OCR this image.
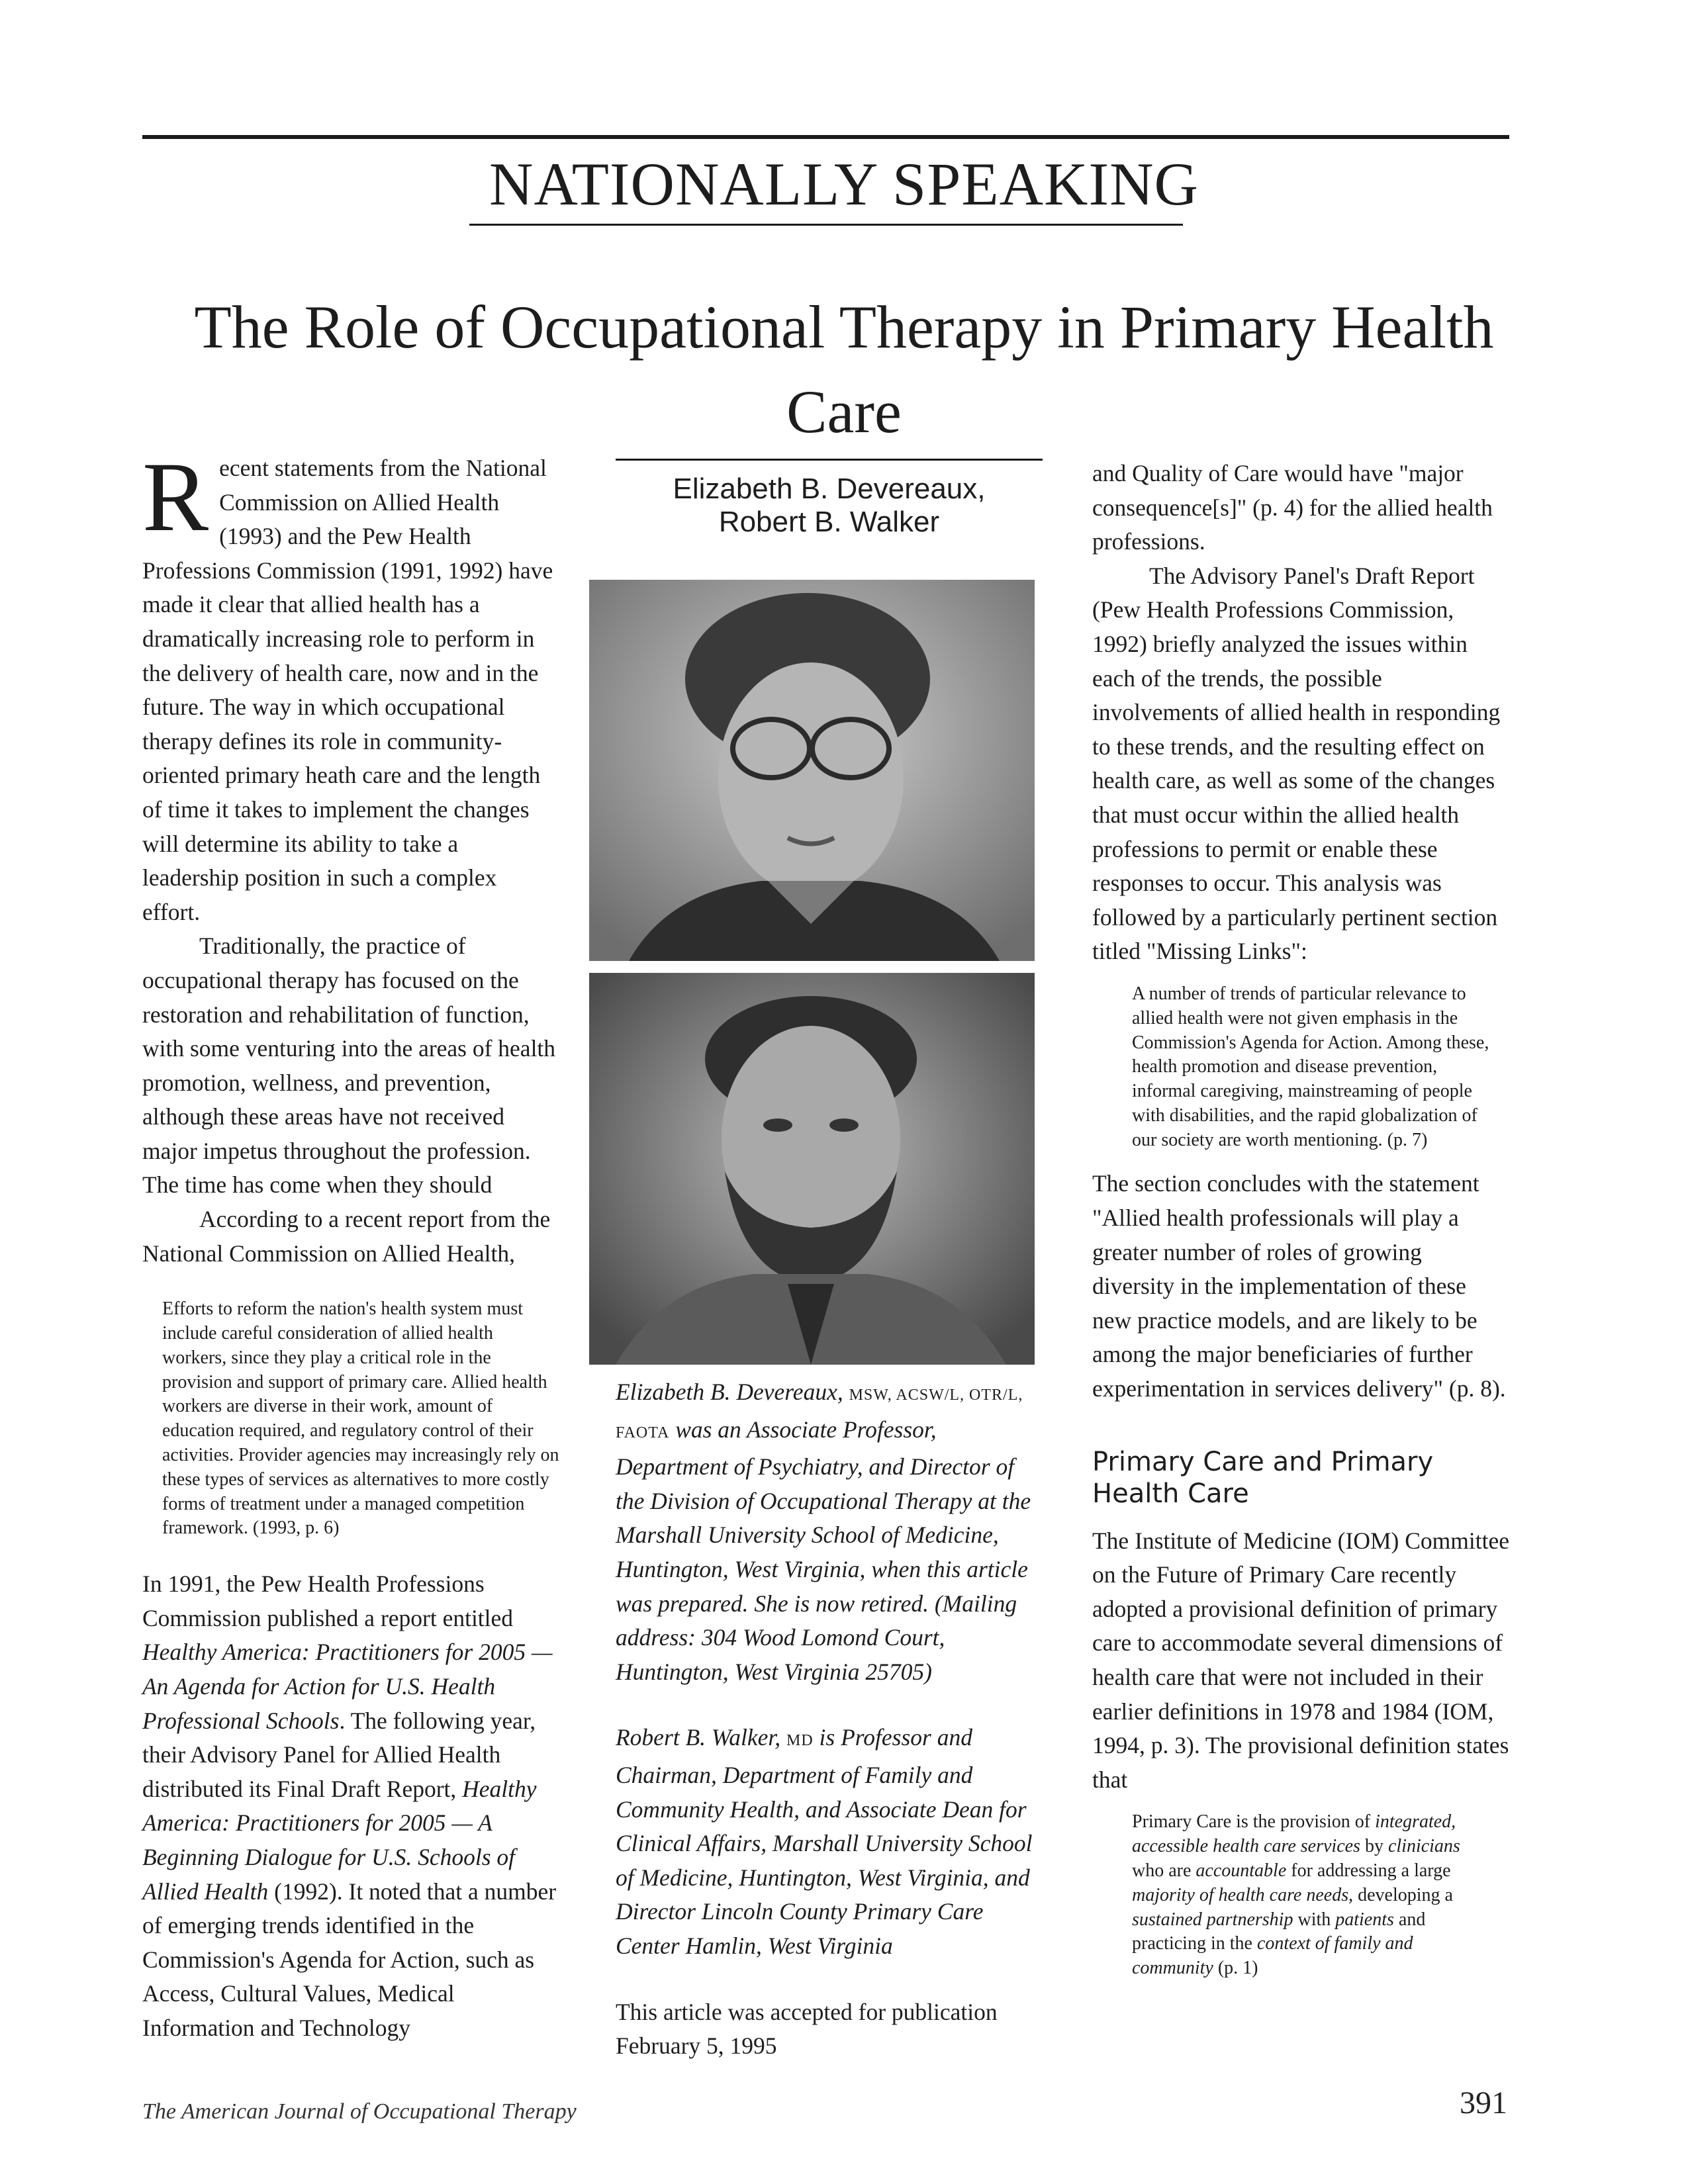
NATIONALLY SPEAKING
The Role of Occupational Therapy in Primary Health Care

Recent statements from the National Commission on Allied Health (1993) and the Pew Health Professions Commission (1991, 1992) have made it clear that allied health has a dramatically increasing role to perform in the delivery of health care, now and in the future. The way in which occupational therapy defines its role in community-oriented primary heath care and the length of time it takes to implement the changes will determine its ability to take a leadership position in such a complex effort.

Traditionally, the practice of occupational therapy has focused on the restoration and rehabilitation of function, with some venturing into the areas of health promotion, wellness, and prevention, although these areas have not received major impetus throughout the profession. The time has come when they should

According to a recent report from the National Commission on Allied Health,

Efforts to reform the nation's health system must include careful consideration of allied health workers, since they play a critical role in the provision and support of primary care. Allied health workers are diverse in their work, amount of education required, and regulatory control of their activities. Provider agencies may increasingly rely on these types of services as alternatives to more costly forms of treatment under a managed competition framework. (1993, p. 6)

In 1991, the Pew Health Professions Commission published a report entitled Healthy America: Practitioners for 2005 — An Agenda for Action for U.S. Health Professional Schools. The following year, their Advisory Panel for Allied Health distributed its Final Draft Report, Healthy America: Practitioners for 2005 — A Beginning Dialogue for U.S. Schools of Allied Health (1992). It noted that a number of emerging trends identified in the Commission's Agenda for Action, such as Access, Cultural Values, Medical Information and Technology

Elizabeth B. Devereaux,
Robert B. Walker

Elizabeth B. Devereaux, MSW, ACSW/L, OTR/L, FAOTA was an Associate Professor, Department of Psychiatry, and Director of the Division of Occupational Therapy at the Marshall University School of Medicine, Huntington, West Virginia, when this article was prepared. She is now retired. (Mailing address: 304 Wood Lomond Court, Huntington, West Virginia 25705)

Robert B. Walker, MD is Professor and Chairman, Department of Family and Community Health, and Associate Dean for Clinical Affairs, Marshall University School of Medicine, Huntington, West Virginia, and Director Lincoln County Primary Care Center Hamlin, West Virginia

This article was accepted for publication February 5, 1995

and Quality of Care would have "major consequence[s]" (p. 4) for the allied health professions.

The Advisory Panel's Draft Report (Pew Health Professions Commission, 1992) briefly analyzed the issues within each of the trends, the possible involvements of allied health in responding to these trends, and the resulting effect on health care, as well as some of the changes that must occur within the allied health professions to permit or enable these responses to occur. This analysis was followed by a particularly pertinent section titled "Missing Links":

A number of trends of particular relevance to allied health were not given emphasis in the Commission's Agenda for Action. Among these, health promotion and disease prevention, informal caregiving, mainstreaming of people with disabilities, and the rapid globalization of our society are worth mentioning. (p. 7)

The section concludes with the statement "Allied health professionals will play a greater number of roles of growing diversity in the implementation of these new practice models, and are likely to be among the major beneficiaries of further experimentation in services delivery" (p. 8).

Primary Care and Primary Health Care

The Institute of Medicine (IOM) Committee on the Future of Primary Care recently adopted a provisional definition of primary care to accommodate several dimensions of health care that were not included in their earlier definitions in 1978 and 1984 (IOM, 1994, p. 3). The provisional definition states that

Primary Care is the provision of integrated, accessible health care services by clinicians who are accountable for addressing a large majority of health care needs, developing a sustained partnership with patients and practicing in the context of family and community (p. 1)

The American Journal of Occupational Therapy	391
